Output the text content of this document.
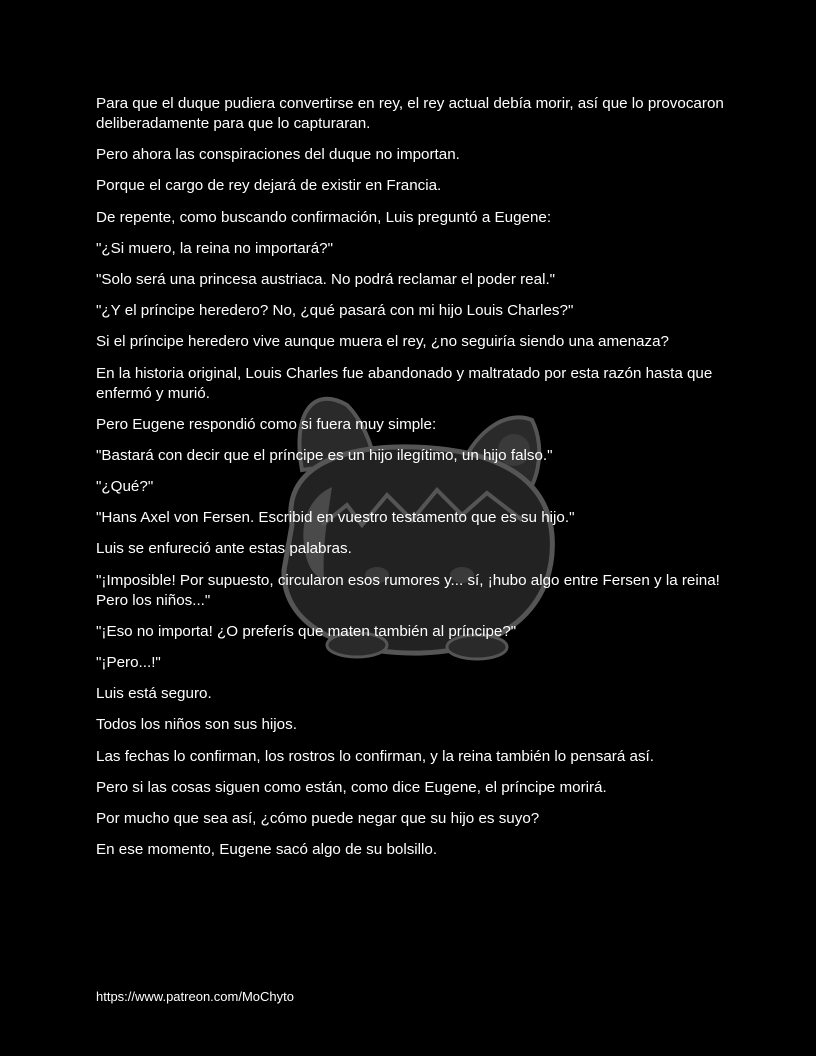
Para que el duque pudiera convertirse en rey, el rey actual debía morir, así que lo provocaron deliberadamente para que lo capturaran.

Pero ahora las conspiraciones del duque no importan.

Porque el cargo de rey dejará de existir en Francia.

De repente, como buscando confirmación, Luis preguntó a Eugene:

"¿Si muero, la reina no importará?"

"Solo será una princesa austriaca. No podrá reclamar el poder real."

"¿Y el príncipe heredero? No, ¿qué pasará con mi hijo Louis Charles?"

Si el príncipe heredero vive aunque muera el rey, ¿no seguiría siendo una amenaza?

En la historia original, Louis Charles fue abandonado y maltratado por esta razón hasta que enfermó y murió.

Pero Eugene respondió como si fuera muy simple:

"Bastará con decir que el príncipe es un hijo ilegítimo, un hijo falso."

"¿Qué?"

"Hans Axel von Fersen. Escribid en vuestro testamento que es su hijo."

Luis se enfureció ante estas palabras.

"¡Imposible! Por supuesto, circularon esos rumores y... sí, ¡hubo algo entre Fersen y la reina! Pero los niños..."

"¡Eso no importa! ¿O preferís que maten también al príncipe?"

"¡Pero...!"

Luis está seguro.

Todos los niños son sus hijos.

Las fechas lo confirman, los rostros lo confirman, y la reina también lo pensará así.

Pero si las cosas siguen como están, como dice Eugene, el príncipe morirá.

Por mucho que sea así, ¿cómo puede negar que su hijo es suyo?

En ese momento, Eugene sacó algo de su bolsillo.

https://www.patreon.com/MoChyto
